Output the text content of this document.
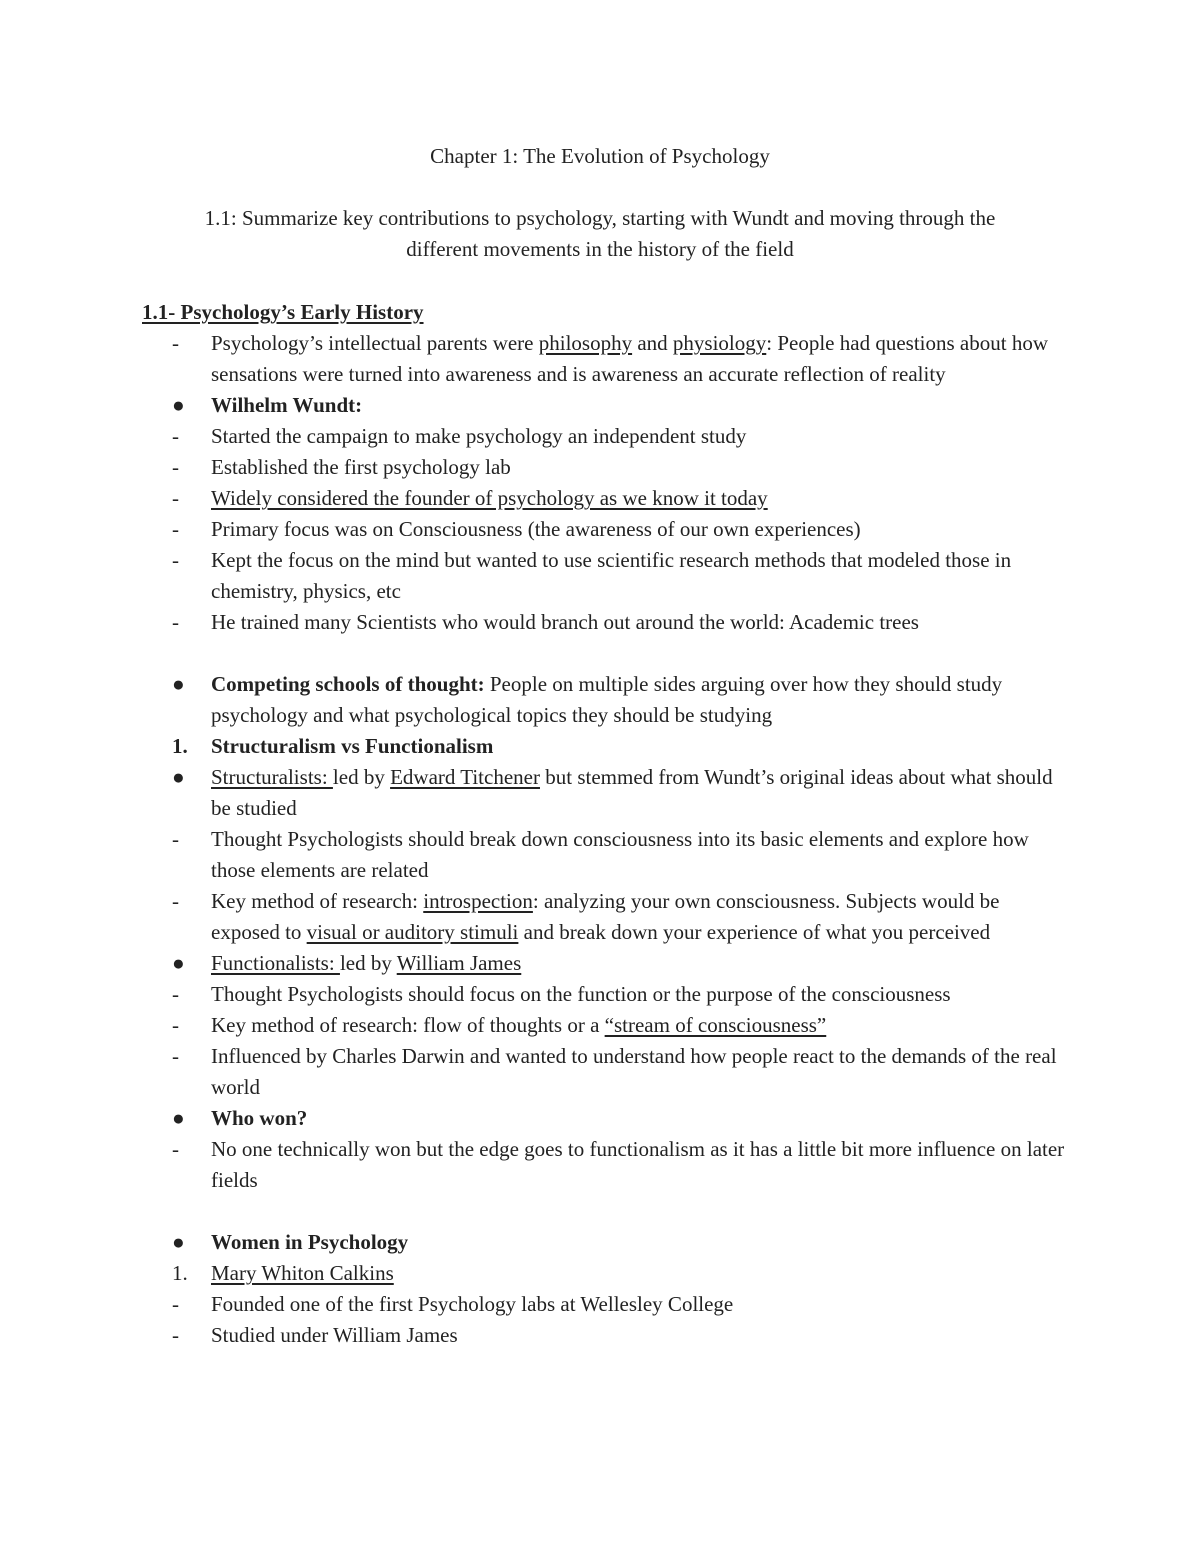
Chapter 1: The Evolution of Psychology
1.1: Summarize key contributions to psychology, starting with Wundt and moving through the
different movements in the history of the field
1.1- Psychology’s Early History
-	Psychology’s intellectual parents were philosophy and physiology: People had questions about how sensations were turned into awareness and is awareness an accurate reflection of reality
●	Wilhelm Wundt:
-	Started the campaign to make psychology an independent study
-	Established the first psychology lab
-	Widely considered the founder of psychology as we know it today
-	Primary focus was on Consciousness (the awareness of our own experiences)
-	Kept the focus on the mind but wanted to use scientific research methods that modeled those in chemistry, physics, etc
-	He trained many Scientists who would branch out around the world: Academic trees
●	Competing schools of thought: People on multiple sides arguing over how they should study psychology and what psychological topics they should be studying
1.	Structuralism vs Functionalism
●	Structuralists: led by Edward Titchener but stemmed from Wundt’s original ideas about what should be studied
-	Thought Psychologists should break down consciousness into its basic elements and explore how those elements are related
-	Key method of research: introspection: analyzing your own consciousness. Subjects would be exposed to visual or auditory stimuli and break down your experience of what you perceived
●	Functionalists: led by William James
-	Thought Psychologists should focus on the function or the purpose of the consciousness
-	Key method of research: flow of thoughts or a “stream of consciousness”
-	Influenced by Charles Darwin and wanted to understand how people react to the demands of the real world
●	Who won?
-	No one technically won but the edge goes to functionalism as it has a little bit more influence on later fields
●	Women in Psychology
1.	Mary Whiton Calkins
-	Founded one of the first Psychology labs at Wellesley College
-	Studied under William James
